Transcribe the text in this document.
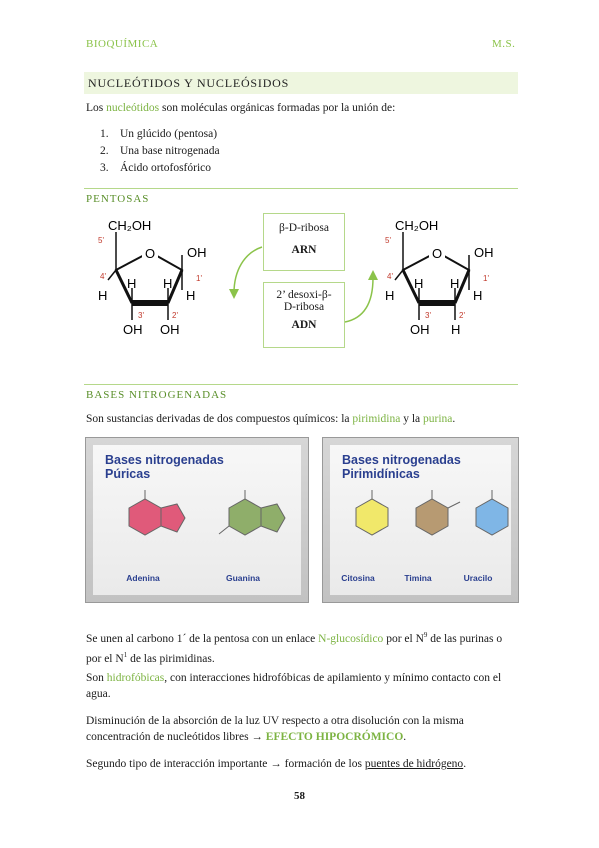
BIOQUÍMICA	M.S.
NUCLEÓTIDOS Y NUCLEÓSIDOS
Los nucleótidos son moléculas orgánicas formadas por la unión de:
1. Un glúcido (pentosa)
2. Una base nitrogenada
3. Ácido ortofosfórico
PENTOSAS
CH₂OH
O OH
H
H
H H
OH OH
5'
4'
3'	2'
1'
β-D-ribosa
ARN
2’ desoxi-β-
D-ribosa
ADN
CH₂OH
O OH
H
H
H H
OH H
5'
4'
3'	2'
1'
BASES NITROGENADAS
Son sustancias derivadas de dos compuestos químicos: la pirimidina y la purina.
Bases nitrogenadas
Púricas
Adenina	Guanina
Bases nitrogenadas
Pirimidínicas
Citosina	Timina	Uracilo
Se unen al carbono 1´ de la pentosa con un enlace N-glucosídico por el $N^9$ de las purinas o por el $N^1$ de las pirimidinas.
Son hidrofóbicas, con interacciones hidrofóbicas de apilamiento y mínimo contacto con el agua.
Disminución de la absorción de la luz UV respecto a otra disolución con la misma concentración de nucleótidos libres → EFECTO HIPOCRÓMICO.
Segundo tipo de interacción importante → formación de los puentes de hidrógeno.
58
